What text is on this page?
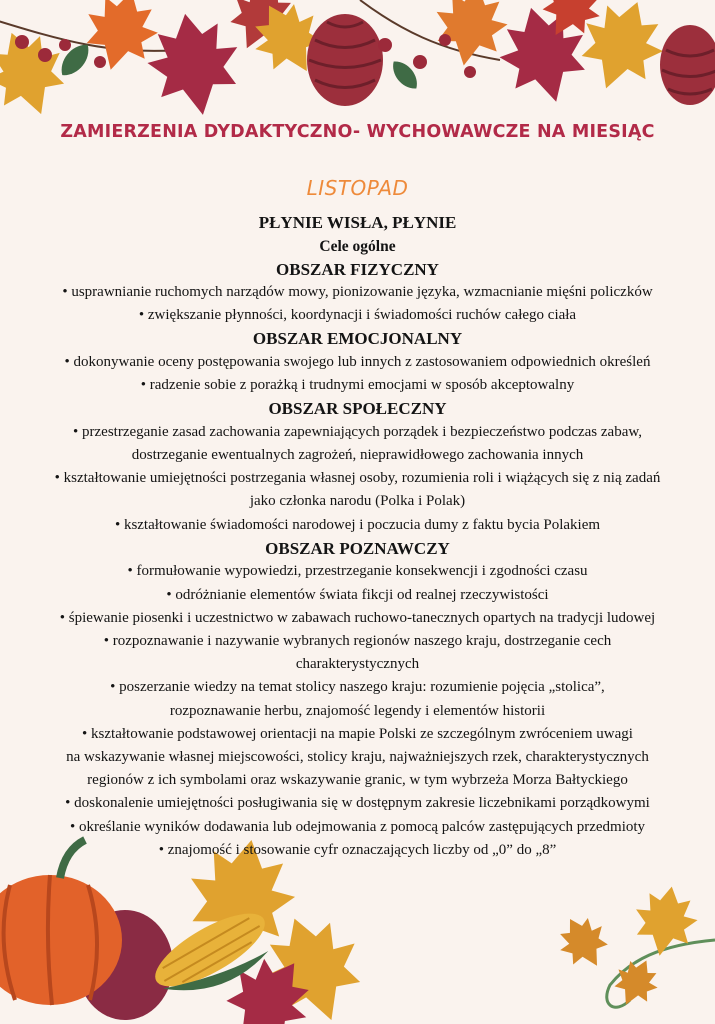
ZAMIERZENIA DYDAKTYCZNO- WYCHOWAWCZE NA MIESIĄC
LISTOPAD
PŁYNIE WISŁA, PŁYNIE
Cele ogólne
OBSZAR FIZYCZNY
• usprawnianie ruchomych narządów mowy, pionizowanie języka, wzmacnianie mięśni policzków
• zwiększanie płynności, koordynacji i świadomości ruchów całego ciała
OBSZAR EMOCJONALNY
• dokonywanie oceny postępowania swojego lub innych z zastosowaniem odpowiednich określeń
• radzenie sobie z porażką i trudnymi emocjami w sposób akceptowalny
OBSZAR SPOŁECZNY
• przestrzeganie zasad zachowania zapewniających porządek i bezpieczeństwo podczas zabaw,
dostrzeganie ewentualnych zagrożeń, nieprawidłowego zachowania innych
• kształtowanie umiejętności postrzegania własnej osoby, rozumienia roli i wiążących się z nią zadań
jako członka narodu (Polka i Polak)
• kształtowanie świadomości narodowej i poczucia dumy z faktu bycia Polakiem
OBSZAR POZNAWCZY
• formułowanie wypowiedzi, przestrzeganie konsekwencji i zgodności czasu
• odróżnianie elementów świata fikcji od realnej rzeczywistości
• śpiewanie piosenki i uczestnictwo w zabawach ruchowo-tanecznych opartych na tradycji ludowej
• rozpoznawanie i nazywanie wybranych regionów naszego kraju, dostrzeganie cech
charakterystycznych
• poszerzanie wiedzy na temat stolicy naszego kraju: rozumienie pojęcia „stolica”,
rozpoznawanie herbu, znajomość legendy i elementów historii
• kształtowanie podstawowej orientacji na mapie Polski ze szczególnym zwróceniem uwagi
na wskazywanie własnej miejscowości, stolicy kraju, najważniejszych rzek, charakterystycznych
regionów z ich symbolami oraz wskazywanie granic, w tym wybrzeża Morza Bałtyckiego
• doskonalenie umiejętności posługiwania się w dostępnym zakresie liczebnikami porządkowymi
• określanie wyników dodawania lub odejmowania z pomocą palców zastępujących przedmioty
• znajomość i stosowanie cyfr oznaczających liczby od „0” do „8”
